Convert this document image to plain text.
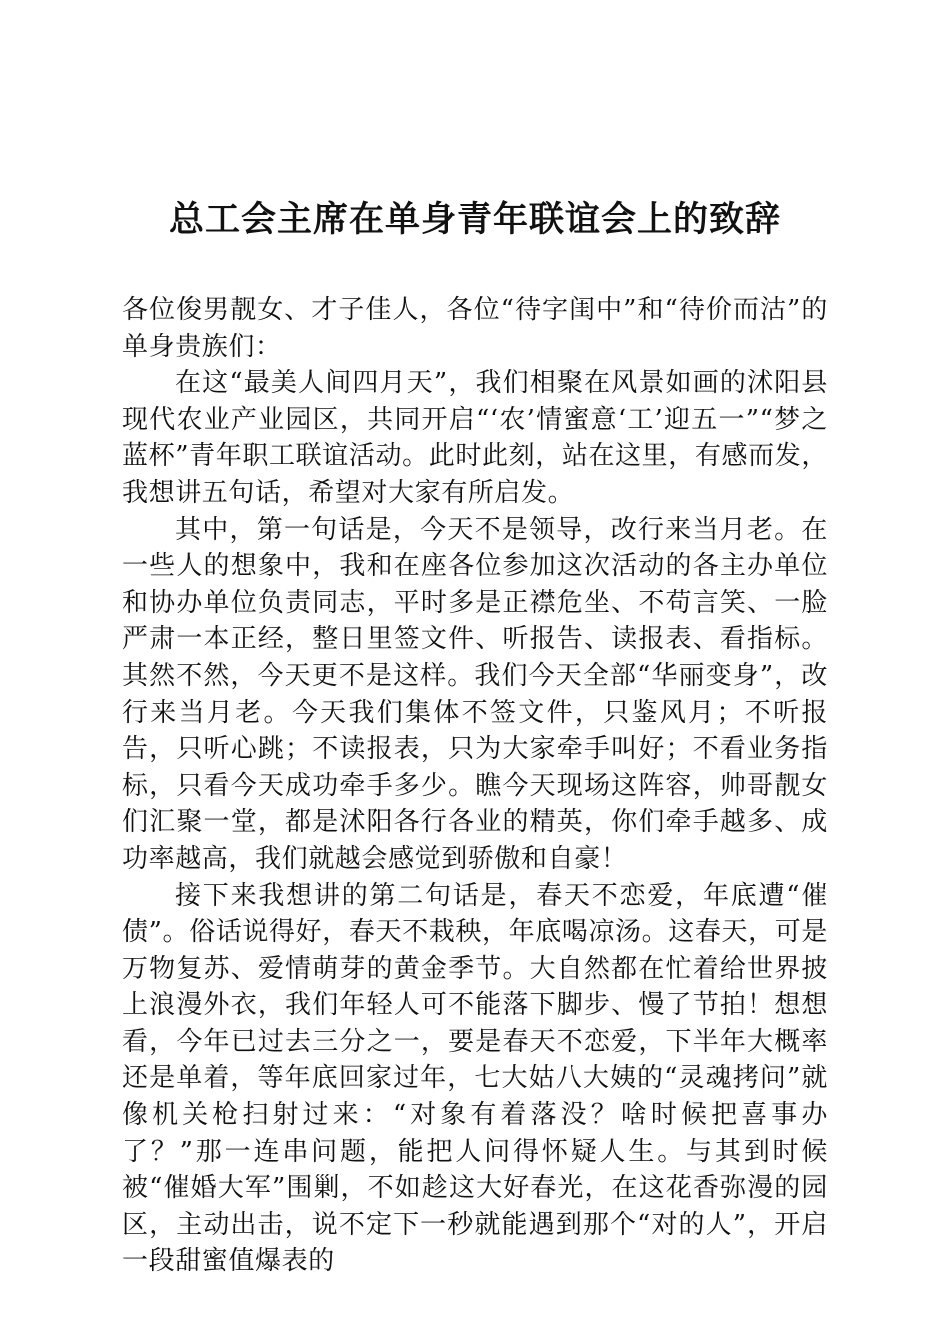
总工会主席在单身青年联谊会上的致辞

各位俊男靓女、才子佳人，各位“待字闺中”和“待价而沽”的单身贵族们：

在这“最美人间四月天”，我们相聚在风景如画的沭阳县现代农业产业园区，共同开启“‘农’情蜜意‘工’迎五一”“梦之蓝杯”青年职工联谊活动。此时此刻，站在这里，有感而发，我想讲五句话，希望对大家有所启发。

其中，第一句话是，今天不是领导，改行来当月老。在一些人的想象中，我和在座各位参加这次活动的各主办单位和协办单位负责同志，平时多是正襟危坐、不苟言笑、一脸严肃一本正经，整日里签文件、听报告、读报表、看指标。其然不然，今天更不是这样。我们今天全部“华丽变身”，改行来当月老。今天我们集体不签文件，只鉴风月；不听报告，只听心跳；不读报表，只为大家牵手叫好；不看业务指标，只看今天成功牵手多少。瞧今天现场这阵容，帅哥靓女们汇聚一堂，都是沭阳各行各业的精英，你们牵手越多、成功率越高，我们就越会感觉到骄傲和自豪！

接下来我想讲的第二句话是，春天不恋爱，年底遭“催债”。俗话说得好，春天不栽秧，年底喝凉汤。这春天，可是万物复苏、爱情萌芽的黄金季节。大自然都在忙着给世界披上浪漫外衣，我们年轻人可不能落下脚步、慢了节拍！想想看，今年已过去三分之一，要是春天不恋爱，下半年大概率还是单着，等年底回家过年，七大姑八大姨的“灵魂拷问”就像机关枪扫射过来：“对象有着落没？啥时候把喜事办了？”那一连串问题，能把人问得怀疑人生。与其到时候被“催婚大军”围剿，不如趁这大好春光，在这花香弥漫的园区，主动出击，说不定下一秒就能遇到那个“对的人”，开启一段甜蜜值爆表的
